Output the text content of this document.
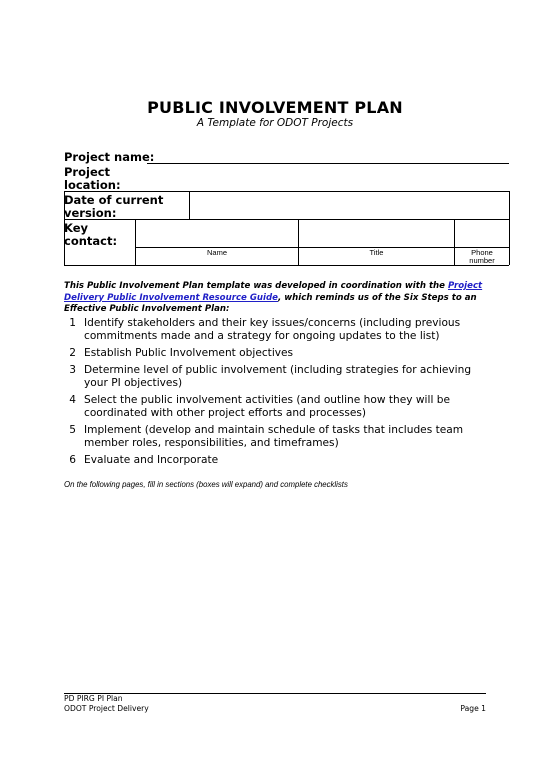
PUBLIC INVOLVEMENT PLAN
A Template for ODOT Projects
Project name:
Project
location:
Date of current
version:
Key
contact:
Name	Title	Phone
number
This Public Involvement Plan template was developed in coordination with the Project Delivery Public Involvement Resource Guide, which reminds us of the Six Steps to an Effective Public Involvement Plan:
1 Identify stakeholders and their key issues/concerns (including previous commitments made and a strategy for ongoing updates to the list)
2 Establish Public Involvement objectives
3 Determine level of public involvement (including strategies for achieving your PI objectives)
4 Select the public involvement activities (and outline how they will be coordinated with other project efforts and processes)
5 Implement (develop and maintain schedule of tasks that includes team member roles, responsibilities, and timeframes)
6 Evaluate and Incorporate
On the following pages, fill in sections (boxes will expand) and complete checklists
PD PIRG PI Plan
ODOT Project Delivery	Page 1
